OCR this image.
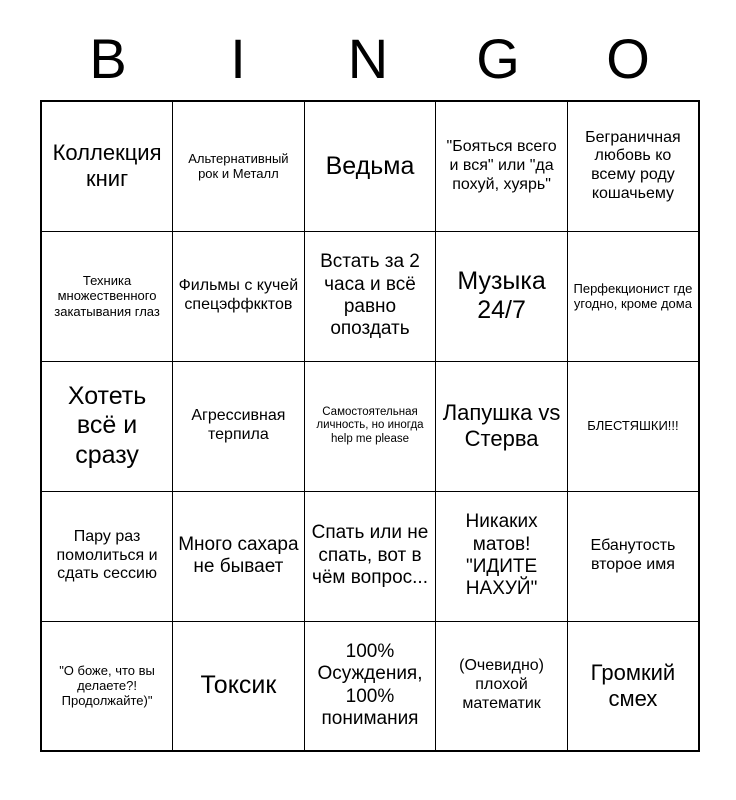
B	I	N	G	O
Коллекция книг	Альтернативный рок и Металл	Ведьма	"Бояться всего и вся" или "да похуй, хуярь"	Беграничная любовь ко всему роду кошачьему

Техника множественного закатывания глаз	Фильмы с кучей спецэффкктов	Встать за 2 часа и всё равно опоздать	Музыка 24/7	Перфекционист где угодно, кроме дома

Хотеть всё и сразу	Агрессивная терпила	Самостоятельная личность, но иногда help me please	Лапушка vs Стерва	БЛЕСТЯШКИ!!!

Пару раз помолиться и сдать сессию	Много сахара не бывает	Спать или не спать, вот в чём вопрос...	Никаких матов! "ИДИТЕ НАХУЙ"	Ебанутость второе имя

"О боже, что вы делаете?! Продолжайте)"	Токсик	100% Осуждения, 100% понимания	(Очевидно) плохой математик	Громкий смех
